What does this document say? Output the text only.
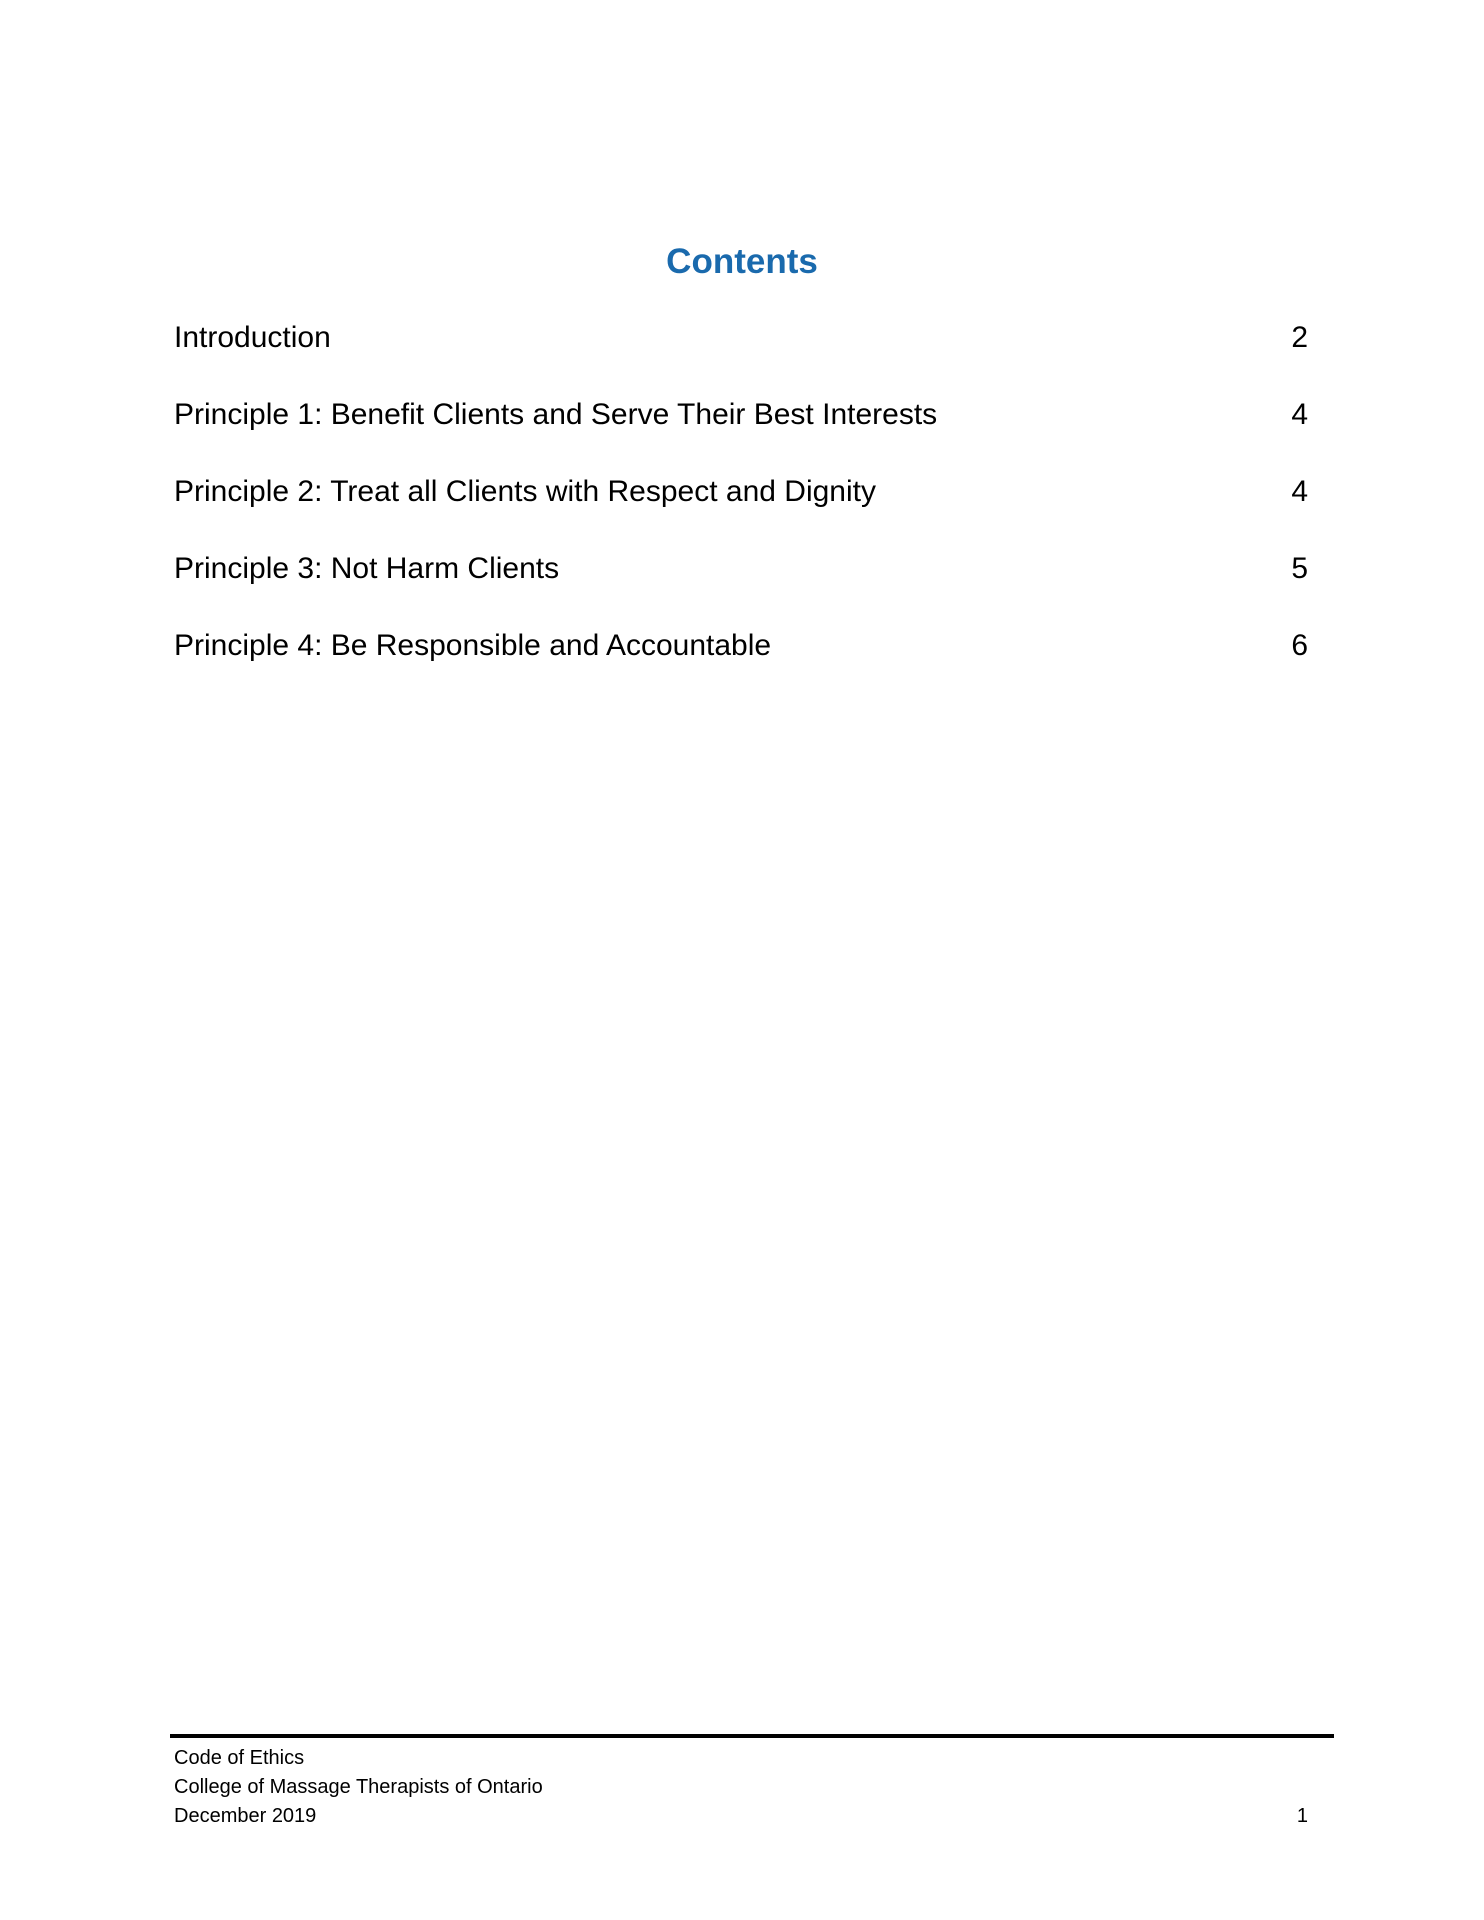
Contents
Introduction	2
Principle 1: Benefit Clients and Serve Their Best Interests	4
Principle 2: Treat all Clients with Respect and Dignity	4
Principle 3: Not Harm Clients	5
Principle 4: Be Responsible and Accountable	6
Code of Ethics
College of Massage Therapists of Ontario
December 2019	1
